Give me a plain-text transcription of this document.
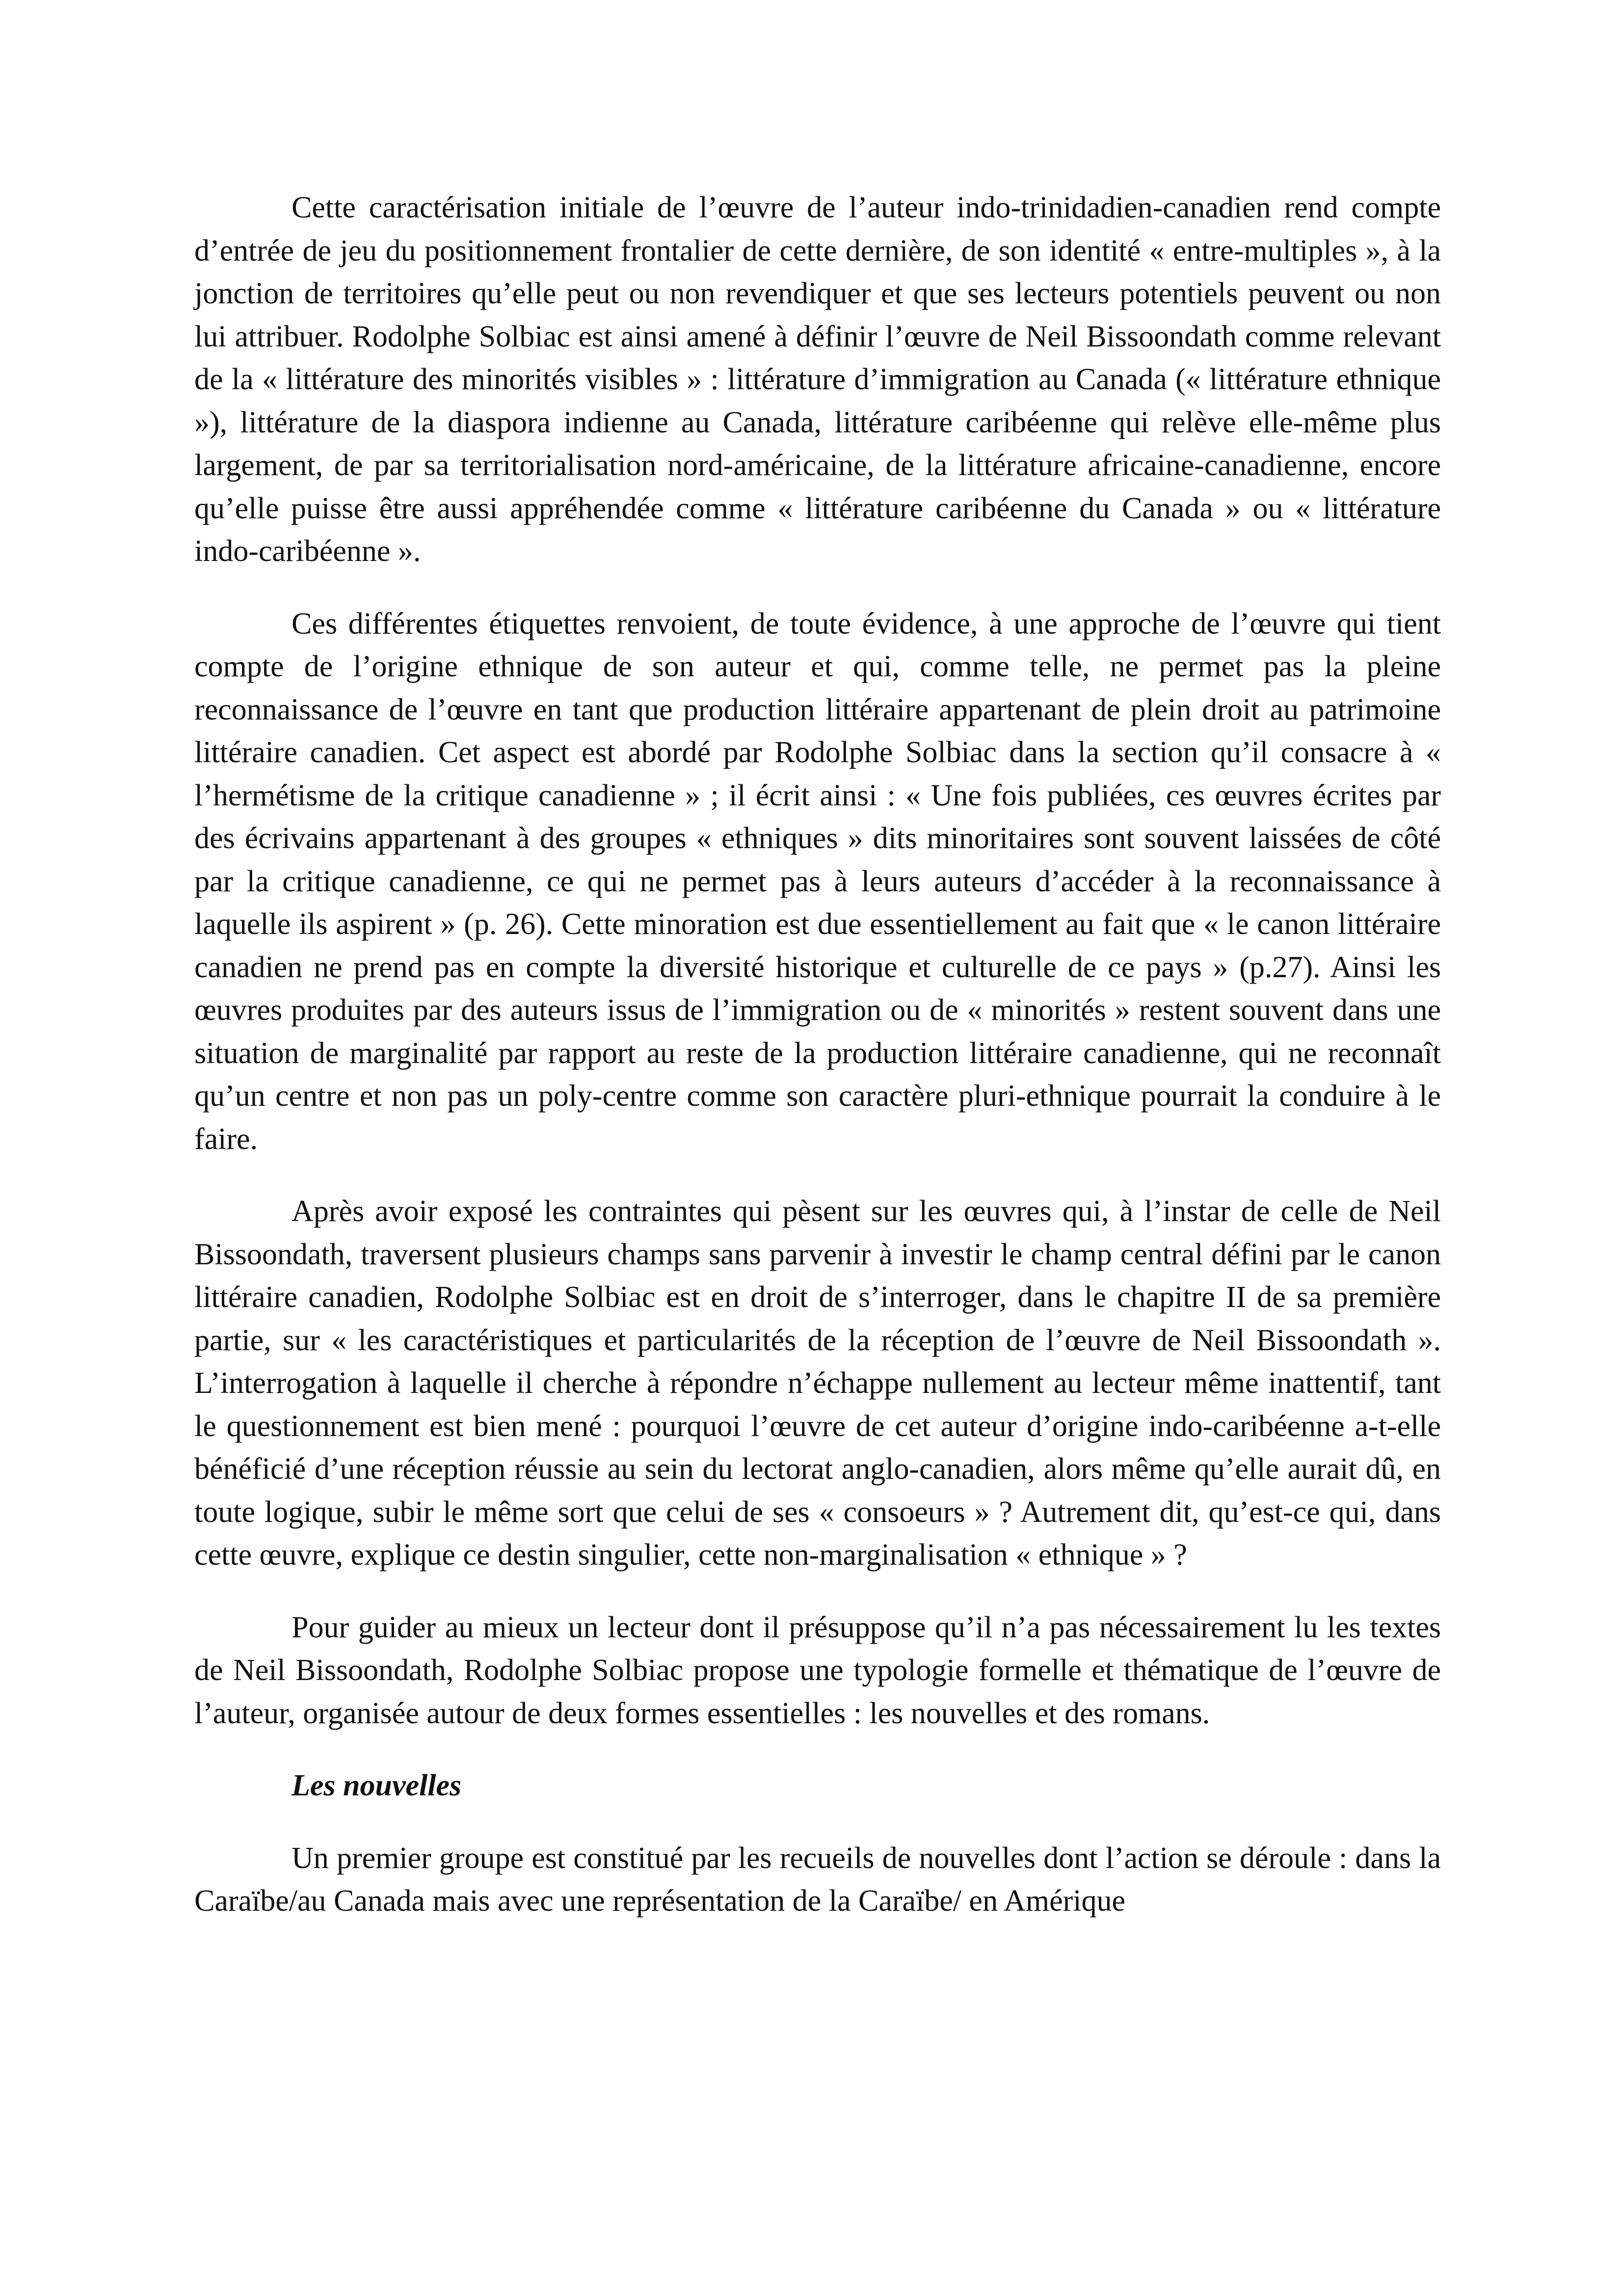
Cette caractérisation initiale de l’œuvre de l’auteur indo-trinidadien-canadien rend compte d’entrée de jeu du positionnement frontalier de cette dernière, de son identité « entre-multiples », à la jonction de territoires qu’elle peut ou non revendiquer et que ses lecteurs potentiels peuvent ou non lui attribuer. Rodolphe Solbiac est ainsi amené à définir l’œuvre de Neil Bissoondath comme relevant de la « littérature des minorités visibles » : littérature d’immigration au Canada (« littérature ethnique »), littérature de la diaspora indienne au Canada, littérature caribéenne qui relève elle-même plus largement, de par sa territorialisation nord-américaine, de la littérature africaine-canadienne, encore qu’elle puisse être aussi appréhendée comme « littérature caribéenne du Canada » ou « littérature indo-caribéenne ».

Ces différentes étiquettes renvoient, de toute évidence, à une approche de l’œuvre qui tient compte de l’origine ethnique de son auteur et qui, comme telle, ne permet pas la pleine reconnaissance de l’œuvre en tant que production littéraire appartenant de plein droit au patrimoine littéraire canadien. Cet aspect est abordé par Rodolphe Solbiac dans la section qu’il consacre à « l’hermétisme de la critique canadienne » ; il écrit ainsi : « Une fois publiées, ces œuvres écrites par des écrivains appartenant à des groupes « ethniques » dits minoritaires sont souvent laissées de côté par la critique canadienne, ce qui ne permet pas à leurs auteurs d’accéder à la reconnaissance à laquelle ils aspirent » (p. 26). Cette minoration est due essentiellement au fait que « le canon littéraire canadien ne prend pas en compte la diversité historique et culturelle de ce pays » (p.27). Ainsi les œuvres produites par des auteurs issus de l’immigration ou de « minorités » restent souvent dans une situation de marginalité par rapport au reste de la production littéraire canadienne, qui ne reconnaît qu’un centre et non pas un poly-centre comme son caractère pluri-ethnique pourrait la conduire à le faire.

Après avoir exposé les contraintes qui pèsent sur les œuvres qui, à l’instar de celle de Neil Bissoondath, traversent plusieurs champs sans parvenir à investir le champ central défini par le canon littéraire canadien, Rodolphe Solbiac est en droit de s’interroger, dans le chapitre II de sa première partie, sur « les caractéristiques et particularités de la réception de l’œuvre de Neil Bissoondath ». L’interrogation à laquelle il cherche à répondre n’échappe nullement au lecteur même inattentif, tant le questionnement est bien mené : pourquoi l’œuvre de cet auteur d’origine indo-caribéenne a-t-elle bénéficié d’une réception réussie au sein du lectorat anglo-canadien, alors même qu’elle aurait dû, en toute logique, subir le même sort que celui de ses « consoeurs » ? Autrement dit, qu’est-ce qui, dans cette œuvre, explique ce destin singulier, cette non-marginalisation « ethnique » ?

Pour guider au mieux un lecteur dont il présuppose qu’il n’a pas nécessairement lu les textes de Neil Bissoondath, Rodolphe Solbiac propose une typologie formelle et thématique de l’œuvre de l’auteur, organisée autour de deux formes essentielles : les nouvelles et des romans.

Les nouvelles

Un premier groupe est constitué par les recueils de nouvelles dont l’action se déroule : dans la Caraïbe/au Canada mais avec une représentation de la Caraïbe/ en Amérique
